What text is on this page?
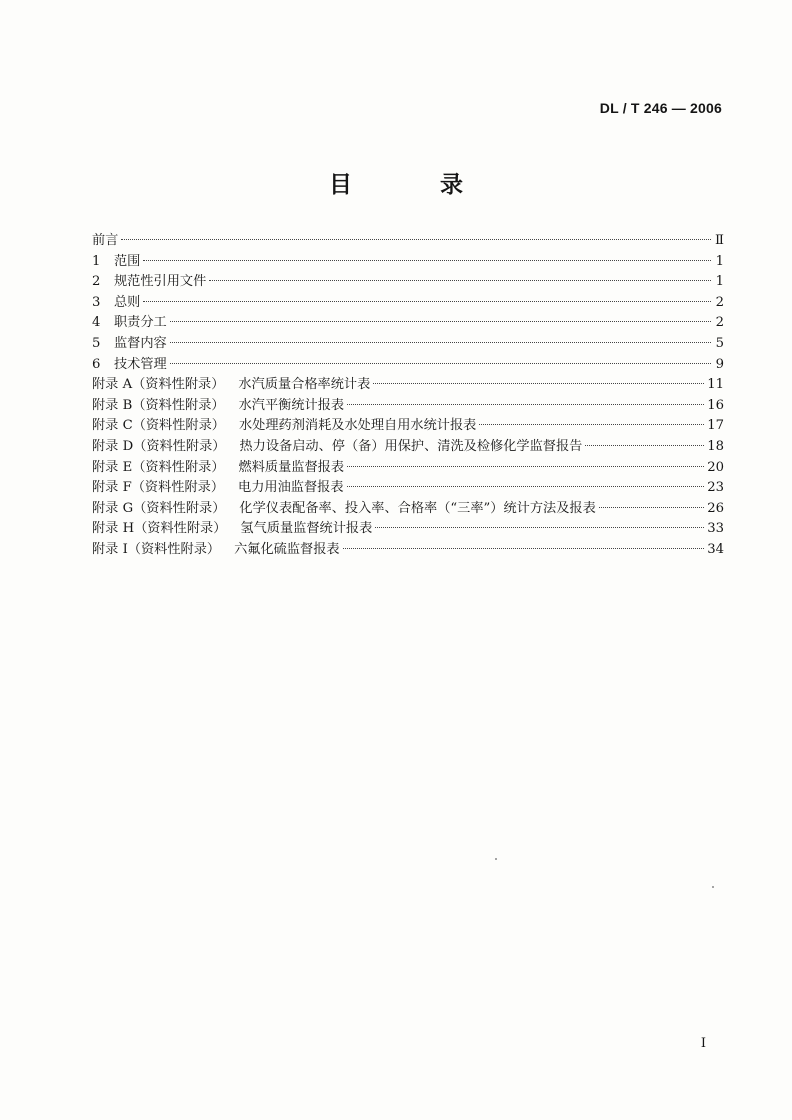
DL / T 246 — 2006
目 录
前言	Ⅱ
1	范围	1
2	规范性引用文件	1
3	总则	2
4	职责分工	2
5	监督内容	5
6	技术管理	9
附录 A（资料性附录） 水汽质量合格率统计表	11
附录 B（资料性附录） 水汽平衡统计报表	16
附录 C（资料性附录） 水处理药剂消耗及水处理自用水统计报表	17
附录 D（资料性附录） 热力设备启动、停（备）用保护、清洗及检修化学监督报告	18
附录 E（资料性附录） 燃料质量监督报表	20
附录 F（资料性附录） 电力用油监督报表	23
附录 G（资料性附录） 化学仪表配备率、投入率、合格率（“三率”）统计方法及报表	26
附录 H（资料性附录） 氢气质量监督统计报表	33
附录 I（资料性附录） 六氟化硫监督报表	34
I
